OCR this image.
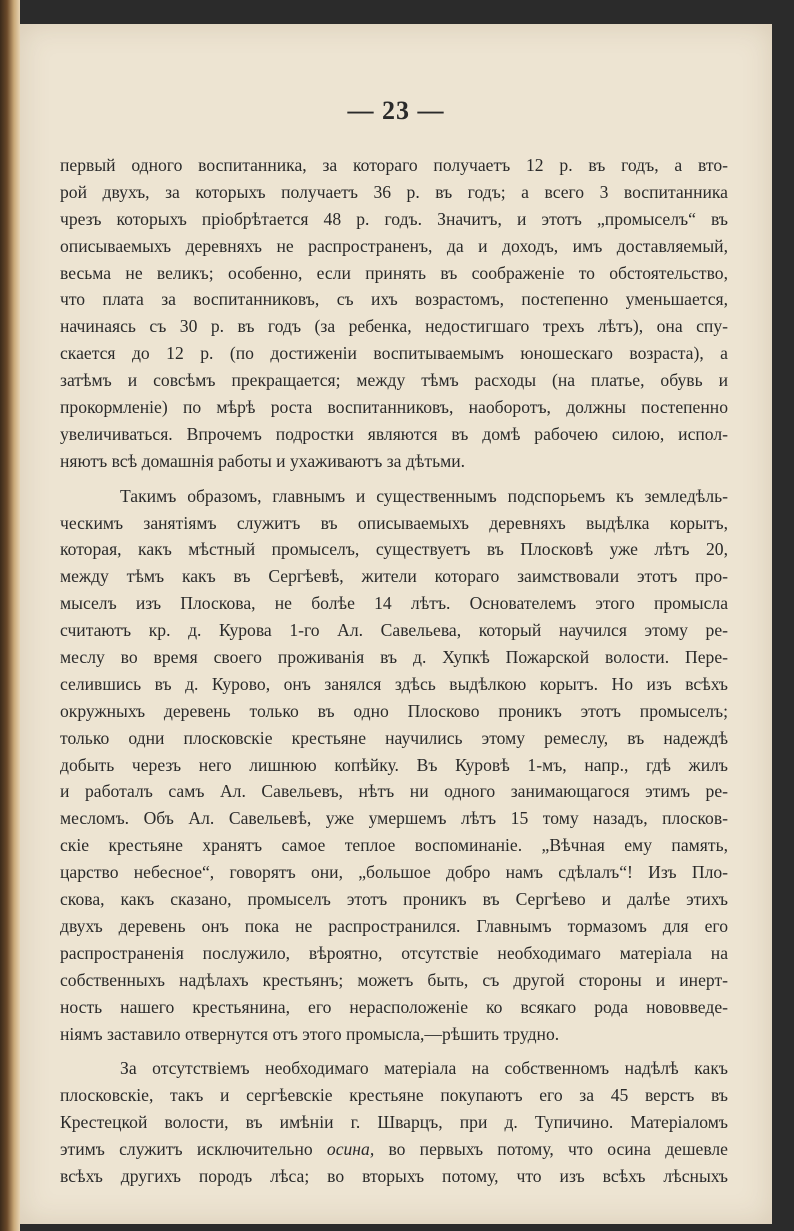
— 23 —
первый одного воспитанника, за котораго получаетъ 12 р. въ годъ, а вто-
рой двухъ, за которыхъ получаетъ 36 р. въ годъ; а всего 3 воспитанника
чрезъ которыхъ пріобрѣтается 48 р. годъ. Значитъ, и этотъ „промыселъ“ въ
описываемыхъ деревняхъ не распространенъ, да и доходъ, имъ доставляемый,
весьма не великъ; особенно, если принять въ соображеніе то обстоятельство,
что плата за воспитанниковъ, съ ихъ возрастомъ, постепенно уменьшается,
начинаясь съ 30 р. въ годъ (за ребенка, недостигшаго трехъ лѣтъ), она спу-
скается до 12 р. (по достиженіи воспитываемымъ юношескаго возраста), а
затѣмъ и совсѣмъ прекращается; между тѣмъ расходы (на платье, обувь и
прокормленіе) по мѣрѣ роста воспитанниковъ, наоборотъ, должны постепенно
увеличиваться. Впрочемъ подростки являются въ домѣ рабочею силою, испол-
няютъ всѣ домашнія работы и ухаживаютъ за дѣтьми.
Такимъ образомъ, главнымъ и существеннымъ подспорьемъ къ земледѣль-
ческимъ занятіямъ служитъ въ описываемыхъ деревняхъ выдѣлка корытъ,
которая, какъ мѣстный промыселъ, существуетъ въ Плосковѣ уже лѣтъ 20,
между тѣмъ какъ въ Сергѣевѣ, жители котораго заимствовали этотъ про-
мыселъ изъ Плоскова, не болѣе 14 лѣтъ. Основателемъ этого промысла
считаютъ кр. д. Курова 1-го Ал. Савельева, который научился этому ре-
меслу во время своего проживанія въ д. Хупкѣ Пожарской волости. Пере-
селившись въ д. Курово, онъ занялся здѣсь выдѣлкою корытъ. Но изъ всѣхъ
окружныхъ деревень только въ одно Плосково проникъ этотъ промыселъ;
только одни плосковскіе крестьяне научились этому ремеслу, въ надеждѣ
добыть черезъ него лишнюю копѣйку. Въ Куровѣ 1-мъ, напр., гдѣ жилъ
и работалъ самъ Ал. Савельевъ, нѣтъ ни одного занимающагося этимъ ре-
месломъ. Объ Ал. Савельевѣ, уже умершемъ лѣтъ 15 тому назадъ, плосков-
скіе крестьяне хранятъ самое теплое воспоминаніе. „Вѣчная ему память,
царство небесное“, говорятъ они, „большое добро намъ сдѣлалъ“! Изъ Пло-
скова, какъ сказано, промыселъ этотъ проникъ въ Сергѣево и далѣе этихъ
двухъ деревень онъ пока не распространился. Главнымъ тормазомъ для его
распространенія послужило, вѣроятно, отсутствіе необходимаго матеріала на
собственныхъ надѣлахъ крестьянъ; можетъ быть, съ другой стороны и инерт-
ность нашего крестьянина, его нерасположеніе ко всякаго рода нововведе-
ніямъ заставило отвернутся отъ этого промысла,—рѣшить трудно.
За отсутствіемъ необходимаго матеріала на собственномъ надѣлѣ какъ
плосковскіе, такъ и сергѣевскіе крестьяне покупаютъ его за 45 верстъ въ
Крестецкой волости, въ имѣніи г. Шварцъ, при д. Тупичино. Матеріаломъ
этимъ служитъ исключительно осина, во первыхъ потому, что осина дешевле
всѣхъ другихъ породъ лѣса; во вторыхъ потому, что изъ всѣхъ лѣсныхъ
